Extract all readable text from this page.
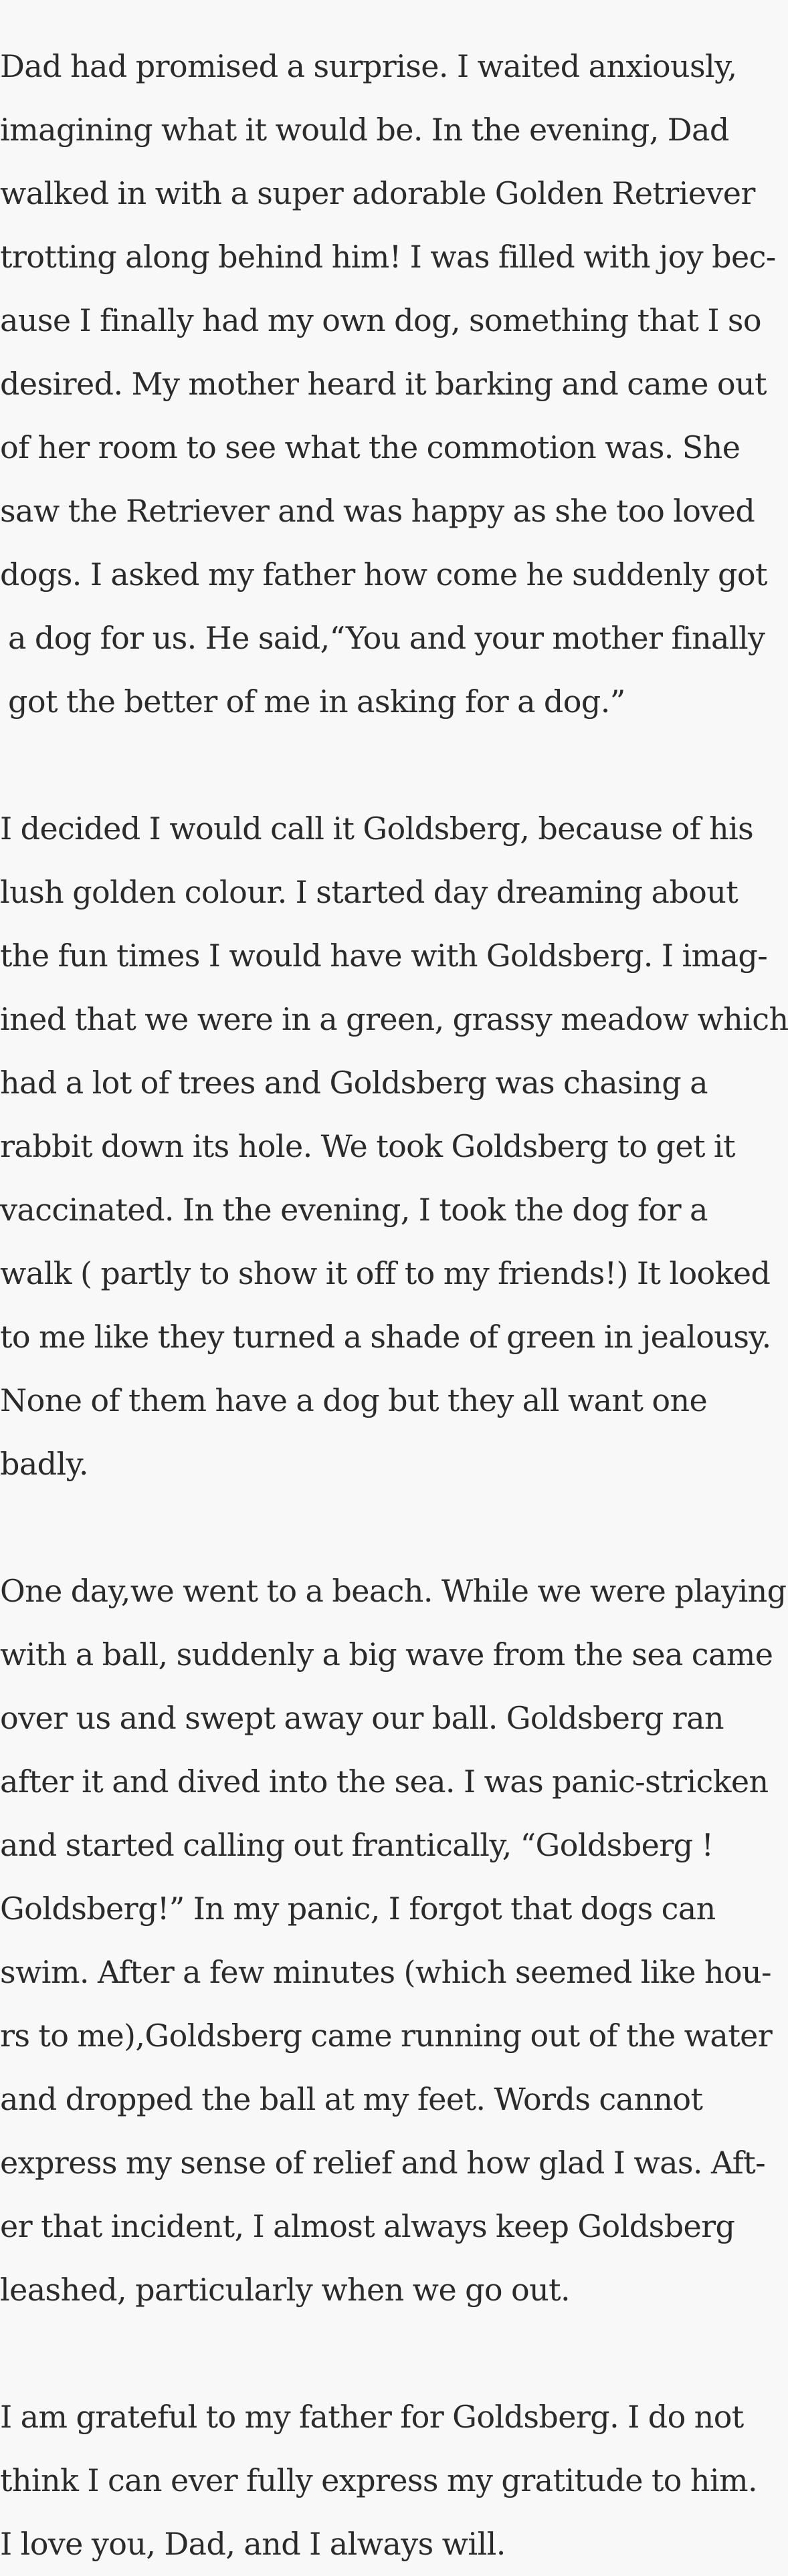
Dad had promised a surprise. I waited anxiously,
imagining what it would be. In the evening, Dad
walked in with a super adorable Golden Retriever
trotting along behind him! I was filled with joy bec-
ause I finally had my own dog, something that I so
desired. My mother heard it barking and came out
of her room to see what the commotion was. She
saw the Retriever and was happy as she too loved
dogs. I asked my father how come he suddenly got
a dog for us. He said,“You and your mother finally
got the better of me in asking for a dog.”
I decided I would call it Goldsberg, because of his
lush golden colour. I started day dreaming about
the fun times I would have with Goldsberg. I imag-
ined that we were in a green, grassy meadow which
had a lot of trees and Goldsberg was chasing a
rabbit down its hole. We took Goldsberg to get it
vaccinated. In the evening, I took the dog for a
walk ( partly to show it off to my friends!) It looked
to me like they turned a shade of green in jealousy.
None of them have a dog but they all want one
badly.
One day,we went to a beach. While we were playing
with a ball, suddenly a big wave from the sea came
over us and swept away our ball. Goldsberg ran
after it and dived into the sea. I was panic-stricken
and started calling out frantically, “Goldsberg !
Goldsberg!” In my panic, I forgot that dogs can
swim. After a few minutes (which seemed like hou-
rs to me),Goldsberg came running out of the water
and dropped the ball at my feet. Words cannot
express my sense of relief and how glad I was. Aft-
er that incident, I almost always keep Goldsberg
leashed, particularly when we go out.
I am grateful to my father for Goldsberg. I do not
think I can ever fully express my gratitude to him.
I love you, Dad, and I always will.
